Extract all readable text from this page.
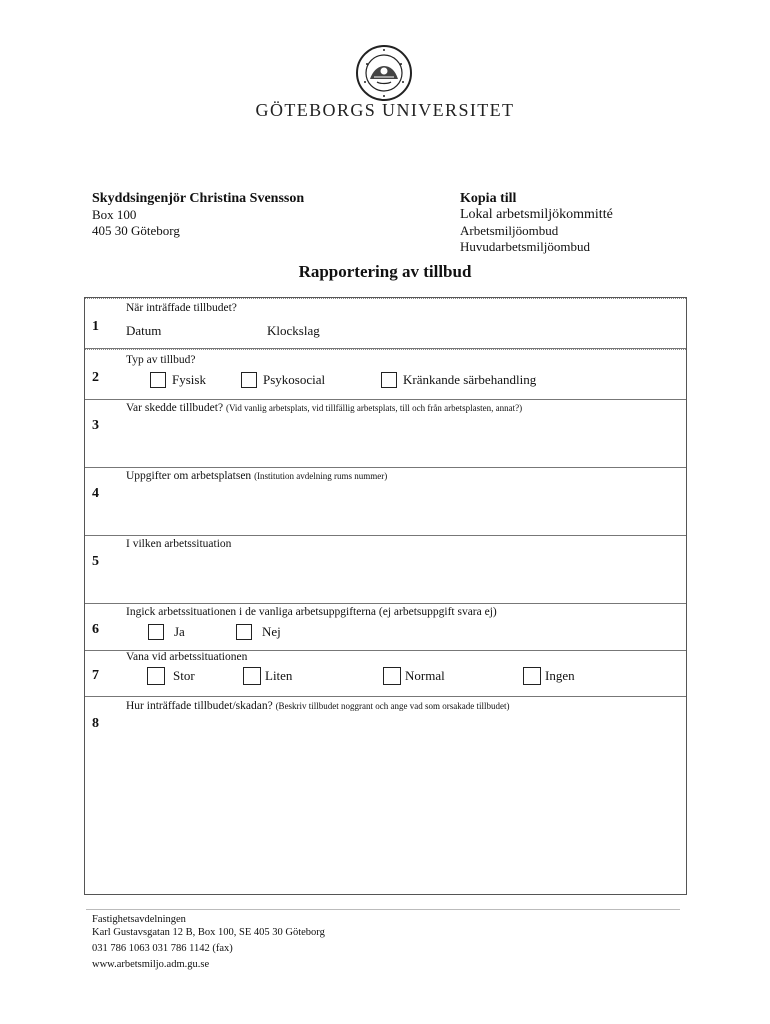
GÖTEBORGS UNIVERSITET
Skyddsingenjör Christina Svensson
Box 100
405 30 Göteborg
Kopia till
Lokal arbetsmiljökommitté
Arbetsmiljöombud
Huvudarbetsmiljöombud
Rapportering av tillbud
När inträffade tillbudet?
1 Datum	Klockslag
Typ av tillbud?
2	Fysisk	Psykosocial	Kränkande särbehandling
Var skedde tillbudet? (Vid vanlig arbetsplats, vid tillfällig arbetsplats, till och från arbetsplasten, annat?)
3
Uppgifter om arbetsplatsen (Institution avdelning rums nummer)
4
I vilken arbetssituation
5
Ingick arbetssituationen i de vanliga arbetsuppgifterna (ej arbetsuppgift svara ej)
6	Ja	Nej
Vana vid arbetssituationen
7	Stor	Liten	Normal	Ingen
Hur inträffade tillbudet/skadan? (Beskriv tillbudet noggrant och ange vad som orsakade tillbudet)
8
Fastighetsavdelningen
Karl Gustavsgatan 12 B, Box 100, SE 405 30 Göteborg
031 786 1063 031 786 1142 (fax)
www.arbetsmiljo.adm.gu.se
